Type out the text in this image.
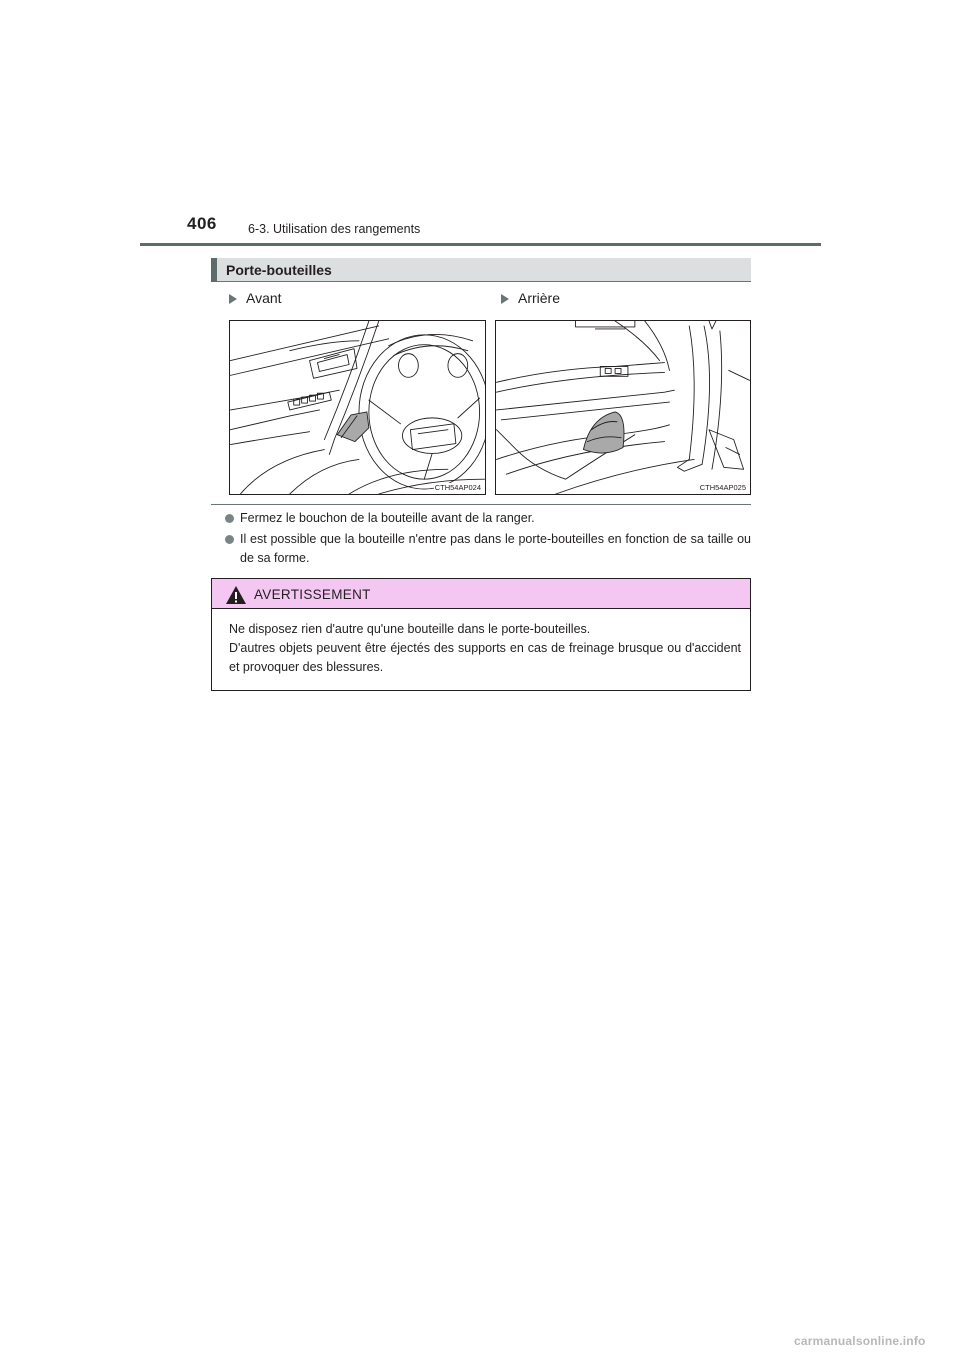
406 6-3. Utilisation des rangements
Porte-bouteilles
Avant	Arrière
CTH54AP024	CTH54AP025
Fermez le bouchon de la bouteille avant de la ranger.
Il est possible que la bouteille n'entre pas dans le porte-bouteilles en fonction de sa taille ou de sa forme.
AVERTISSEMENT

Ne disposez rien d'autre qu'une bouteille dans le porte-bouteilles.

D'autres objets peuvent être éjectés des supports en cas de freinage brusque ou d'accident et provoquer des blessures.

carmanualsonline.info
